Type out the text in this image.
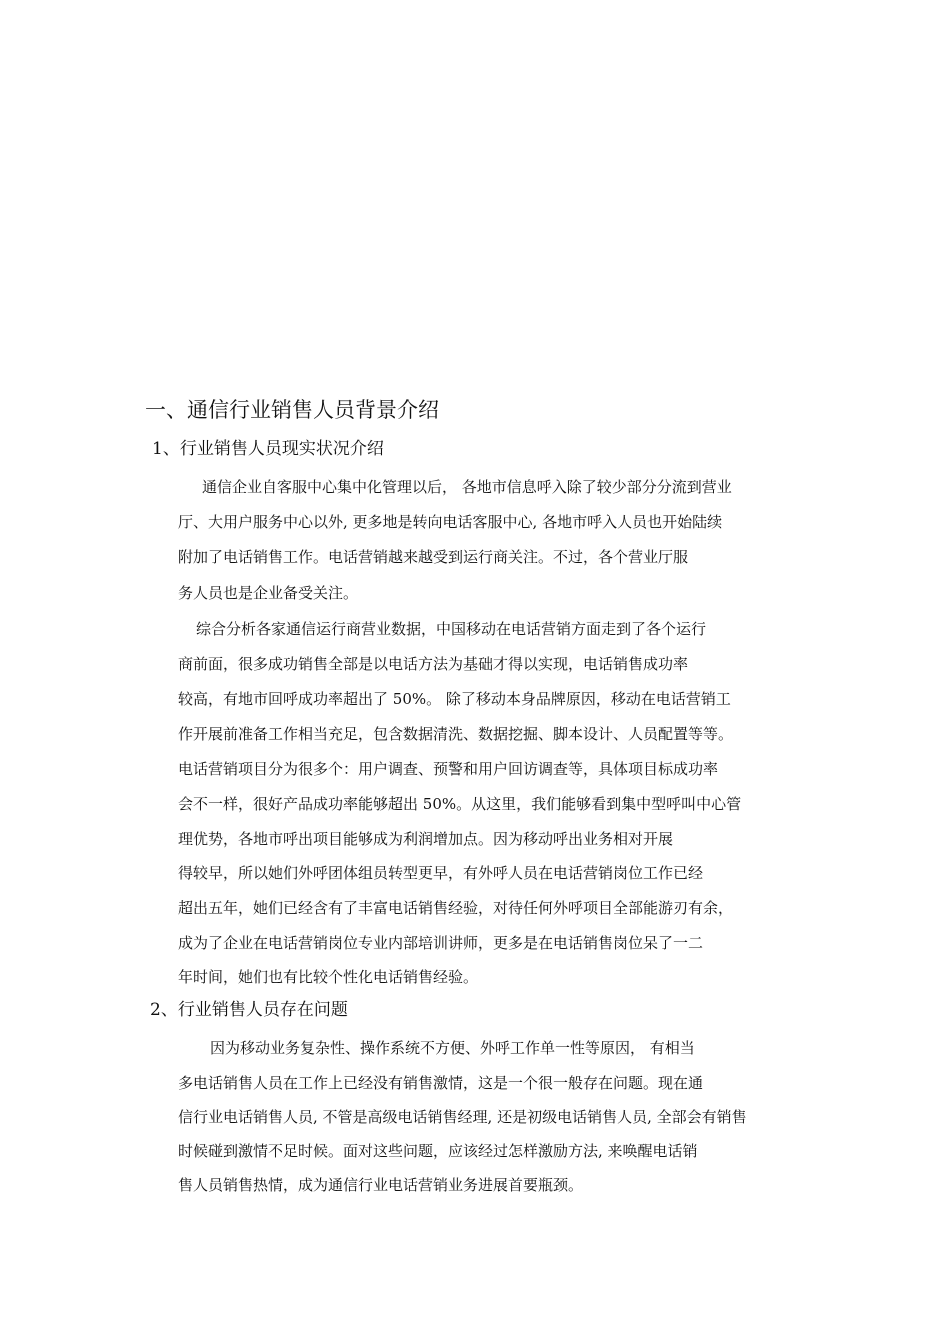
一、通信行业销售人员背景介绍
1、行业销售人员现实状况介绍
通信企业自客服中心集中化管理以后， 各地市信息呼入除了较少部分分流到营业
厅、大用户服务中心以外, 更多地是转向电话客服中心, 各地市呼入人员也开始陆续
附加了电话销售工作。电话营销越来越受到运行商关注。不过，各个营业厅服
务人员也是企业备受关注。
综合分析各家通信运行商营业数据，中国移动在电话营销方面走到了各个运行
商前面，很多成功销售全部是以电话方法为基础才得以实现，电话销售成功率
较高，有地市回呼成功率超出了 50%。 除了移动本身品牌原因，移动在电话营销工
作开展前准备工作相当充足，包含数据清洗、数据挖掘、脚本设计、人员配置等等。
电话营销项目分为很多个：用户调查、预警和用户回访调查等，具体项目标成功率
会不一样，很好产品成功率能够超出 50%。从这里，我们能够看到集中型呼叫中心管
理优势，各地市呼出项目能够成为利润增加点。因为移动呼出业务相对开展
得较早，所以她们外呼团体组员转型更早，有外呼人员在电话营销岗位工作已经
超出五年，她们已经含有了丰富电话销售经验，对待任何外呼项目全部能游刃有余，
成为了企业在电话营销岗位专业内部培训讲师，更多是在电话销售岗位呆了一二
年时间，她们也有比较个性化电话销售经验。
2、行业销售人员存在问题
因为移动业务复杂性、操作系统不方便、外呼工作单一性等原因， 有相当
多电话销售人员在工作上已经没有销售激情，这是一个很一般存在问题。现在通
信行业电话销售人员, 不管是高级电话销售经理, 还是初级电话销售人员, 全部会有销售
时候碰到激情不足时候。面对这些问题，应该经过怎样激励方法, 来唤醒电话销
售人员销售热情，成为通信行业电话营销业务进展首要瓶颈。
